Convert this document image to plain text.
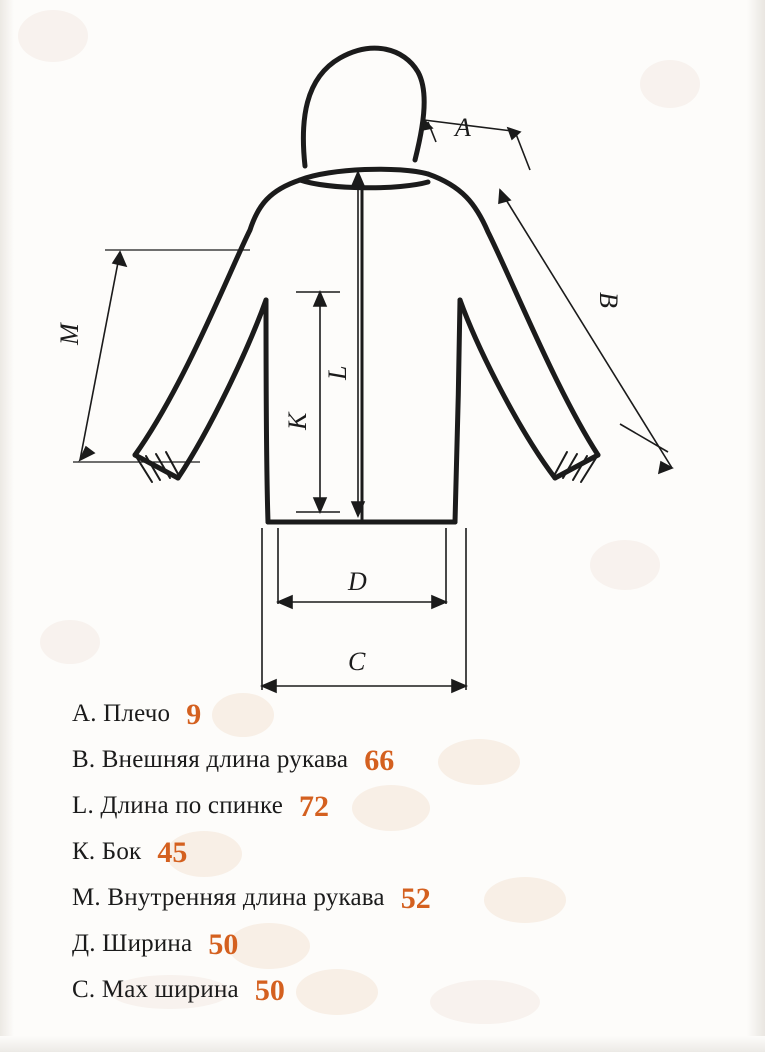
A
B
M
K
L
D
C
A. Плечо 9
B. Внешняя длина рукава 66
L. Длина по спинке 72
К. Бок 45
М. Внутренняя длина рукава 52
Д. Ширина 50
С. Мах ширина 50
